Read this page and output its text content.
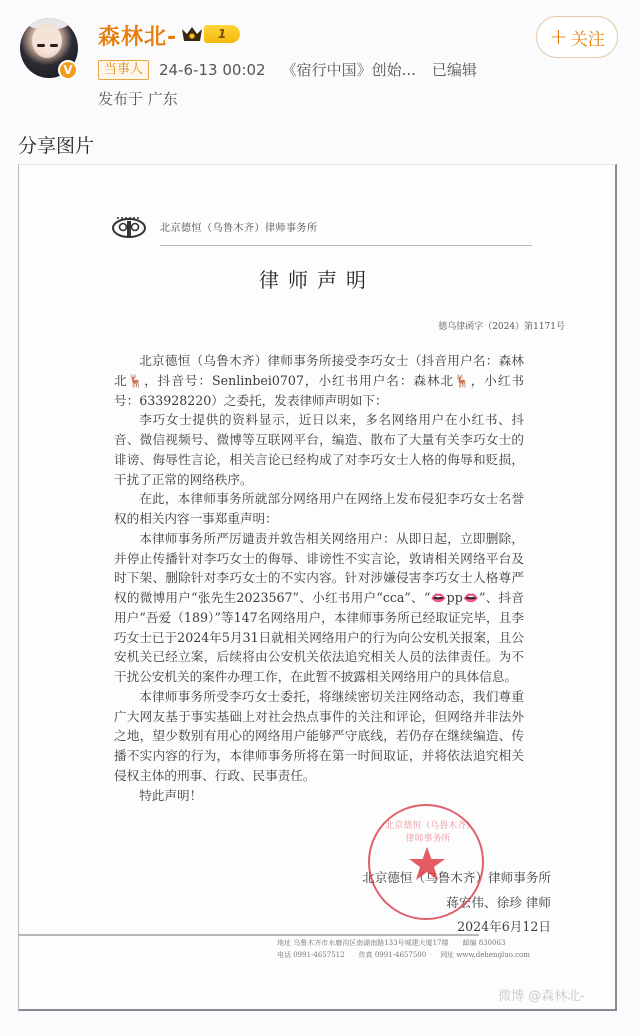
V
森林北-	1
当事人	24-6-13 00:02 《宿行中国》创始... 已编辑
发布于 广东
+ 关注
分享图片
北京德恒（乌鲁木齐）律师事务所
律师声明
德乌律函字（2024）第1171号

北京德恒（乌鲁木齐）律师事务所接受李巧女士（抖音用户名：森林北🦌，抖音号：Senlinbei0707，小红书用户名：森林北🦌，小红书号：633928220）之委托，发表律师声明如下：

李巧女士提供的资料显示，近日以来，多名网络用户在小红书、抖音、微信视频号、微博等互联网平台，编造、散布了大量有关李巧女士的诽谤、侮辱性言论，相关言论已经构成了对李巧女士人格的侮辱和贬损，干扰了正常的网络秩序。

在此，本律师事务所就部分网络用户在网络上发布侵犯李巧女士名誉权的相关内容一事郑重声明：

本律师事务所严厉谴责并敦告相关网络用户：从即日起，立即删除，并停止传播针对李巧女士的侮辱、诽谤性不实言论，敦请相关网络平台及时下架、删除针对李巧女士的不实内容。针对涉嫌侵害李巧女士人格尊严权的微博用户“张先生2023567”、小红书用户“cca”、“👄pp👄”、抖音用户“吾爱（189）”等147名网络用户，本律师事务所已经取证完毕，且李巧女士已于2024年5月31日就相关网络用户的行为向公安机关报案，且公安机关已经立案，后续将由公安机关依法追究相关人员的法律责任。为不干扰公安机关的案件办理工作，在此暂不披露相关网络用户的具体信息。

本律师事务所受李巧女士委托，将继续密切关注网络动态，我们尊重广大网友基于事实基础上对社会热点事件的关注和评论，但网络并非法外之地，望少数别有用心的网络用户能够严守底线，若仍存在继续编造、传播不实内容的行为，本律师事务所将在第一时间取证，并将依法追究相关侵权主体的刑事、行政、民事责任。

特此声明！

北京德恒（乌鲁木齐）律师事务所
蒋宏伟、徐珍 律师
2024年6月12日
北京德恒（乌鲁木齐）律师事务所
地址 乌鲁木齐市水磨沟区南湖南路133号城建大厦17楼 邮编 830063
电话 0991-4657512 传真 0991-4657500 网址 www.dehengluo.com
微博 @森林北-
